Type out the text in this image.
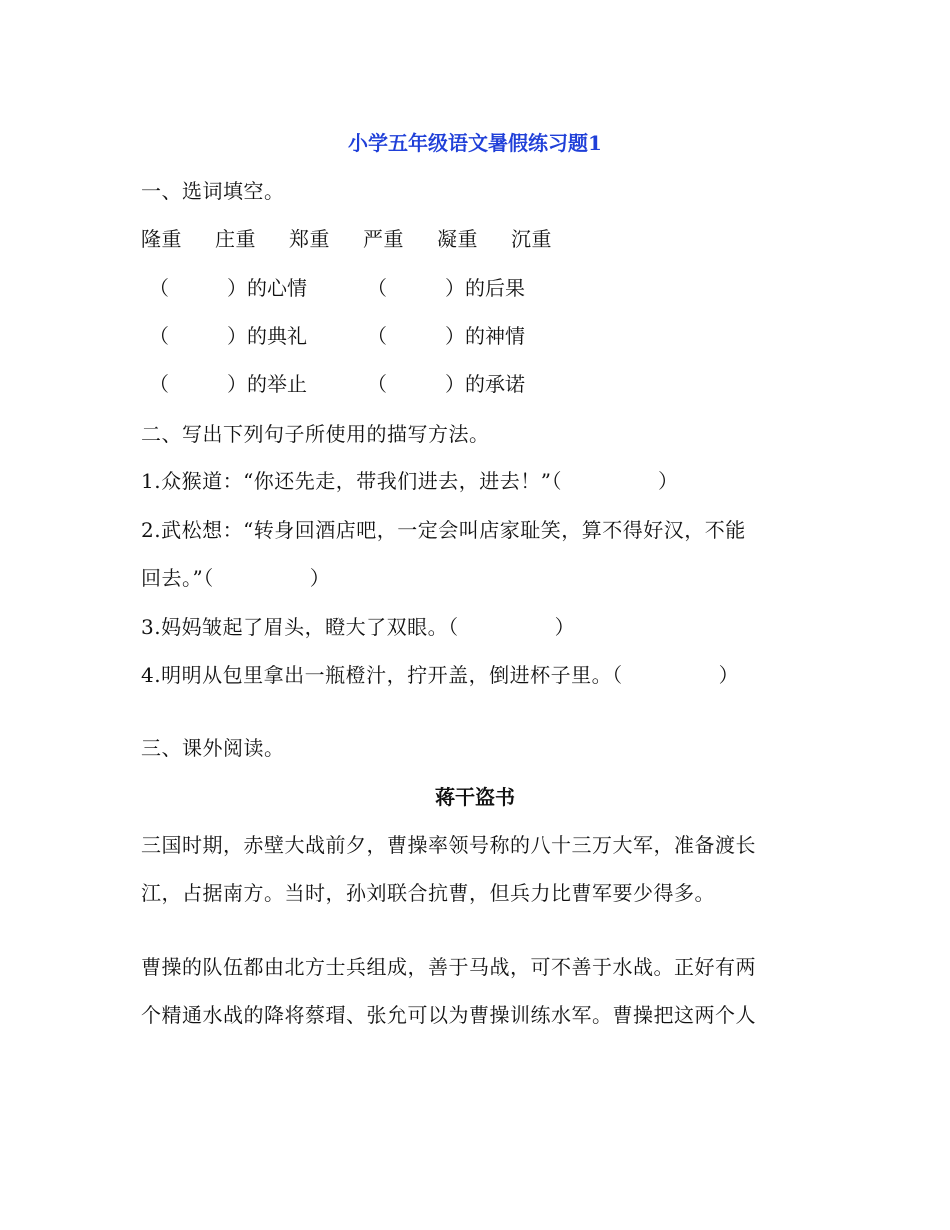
小学五年级语文暑假练习题1
一、选词填空。
隆重 庄重 郑重 严重 凝重 沉重
（	）的心情	（	）的后果
（	）的典礼	（	）的神情
（	）的举止	（	）的承诺
二、写出下列句子所使用的描写方法。
1.众猴道：“你还先走，带我们进去，进去！”（	）
2.武松想：“转身回酒店吧，一定会叫店家耻笑，算不得好汉，不能
回去。”（	）
3.妈妈皱起了眉头，瞪大了双眼。（	）
4.明明从包里拿出一瓶橙汁，拧开盖，倒进杯子里。（	）
三、课外阅读。
蒋干盗书
三国时期，赤壁大战前夕，曹操率领号称的八十三万大军，准备渡长
江，占据南方。当时，孙刘联合抗曹，但兵力比曹军要少得多。
曹操的队伍都由北方士兵组成，善于马战，可不善于水战。正好有两
个精通水战的降将蔡瑁、张允可以为曹操训练水军。曹操把这两个人
